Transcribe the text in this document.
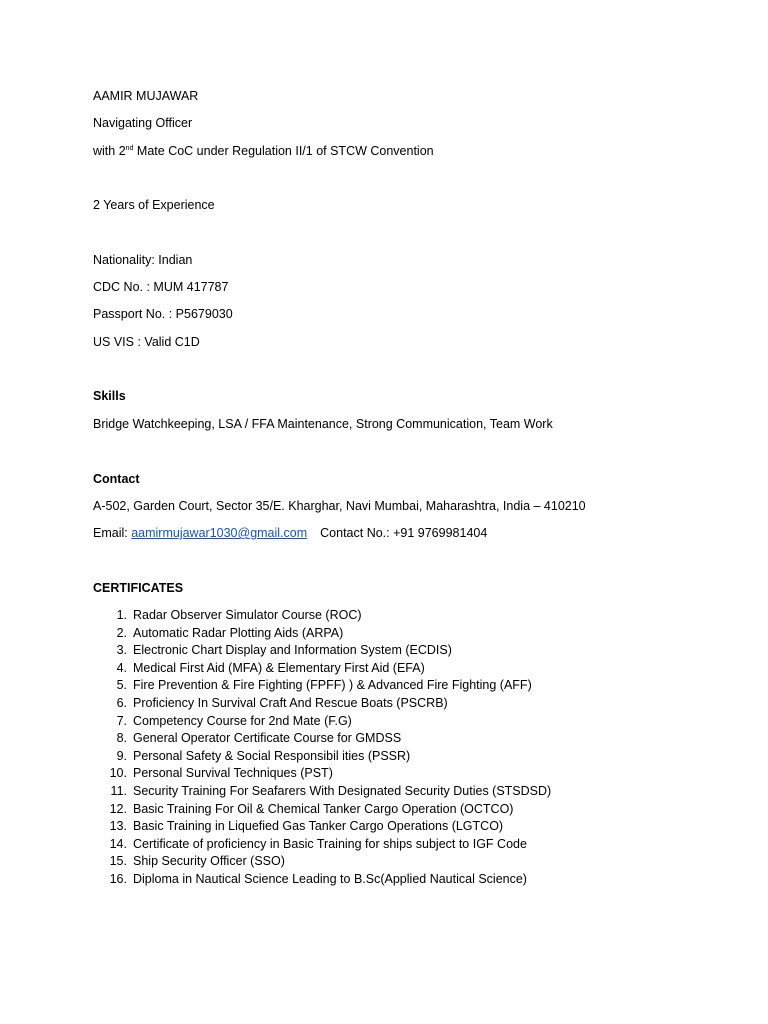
AAMIR MUJAWAR
Navigating Officer
with 2nd Mate CoC under Regulation II/1 of STCW Convention
2 Years of Experience
Nationality: Indian
CDC No. : MUM 417787
Passport No. : P5679030
US VIS : Valid C1D
Skills
Bridge Watchkeeping, LSA / FFA Maintenance, Strong Communication, Team Work
Contact
A-502, Garden Court, Sector 35/E. Kharghar, Navi Mumbai, Maharashtra, India – 410210
Email: aamirmujawar1030@gmail.com Contact No.: +91 9769981404
CERTIFICATES
1. Radar Observer Simulator Course (ROC)
2. Automatic Radar Plotting Aids (ARPA)
3. Electronic Chart Display and Information System (ECDIS)
4. Medical First Aid (MFA) & Elementary First Aid (EFA)
5. Fire Prevention & Fire Fighting (FPFF) ) & Advanced Fire Fighting (AFF)
6. Proficiency In Survival Craft And Rescue Boats (PSCRB)
7. Competency Course for 2nd Mate (F.G)
8. General Operator Certificate Course for GMDSS
9. Personal Safety & Social Responsibil ities (PSSR)
10. Personal Survival Techniques (PST)
11. Security Training For Seafarers With Designated Security Duties (STSDSD)
12. Basic Training For Oil & Chemical Tanker Cargo Operation (OCTCO)
13. Basic Training in Liquefied Gas Tanker Cargo Operations (LGTCO)
14. Certificate of proficiency in Basic Training for ships subject to IGF Code
15. Ship Security Officer (SSO)
16. Diploma in Nautical Science Leading to B.Sc(Applied Nautical Science)
